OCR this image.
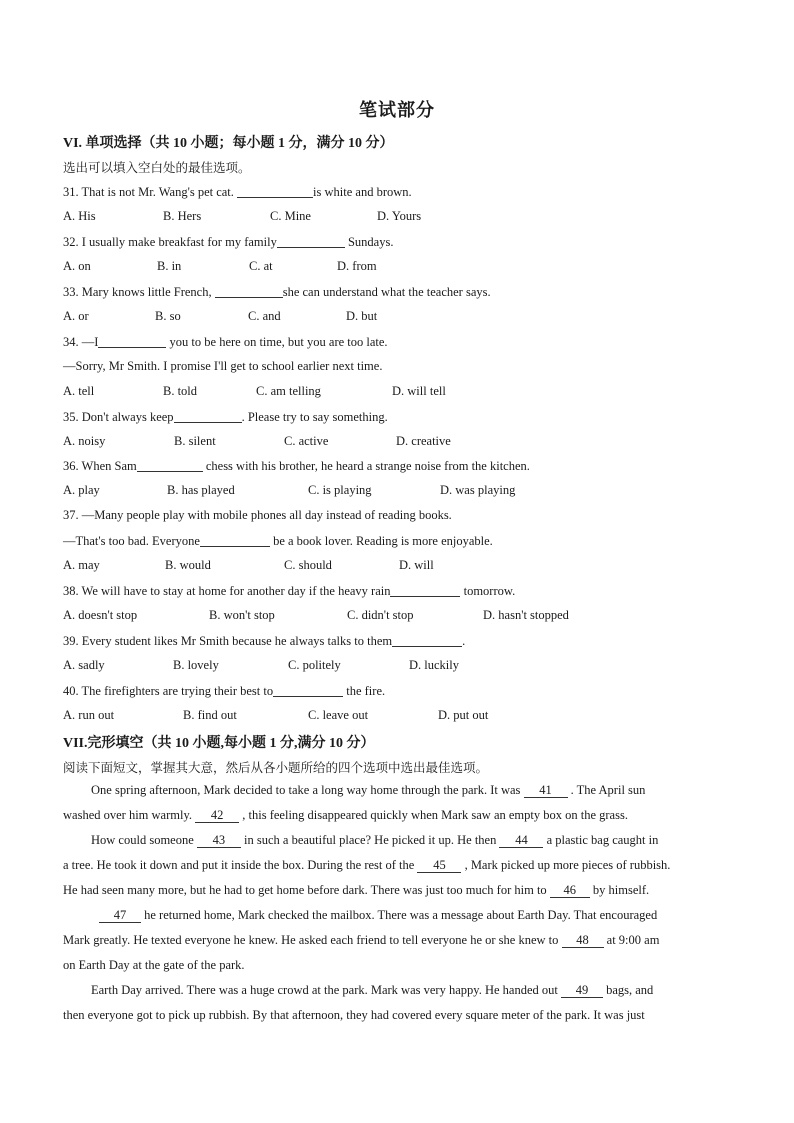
笔试部分
VI. 单项选择（共 10 小题；每小题 1 分，满分 10 分）
选出可以填入空白处的最佳选项。
31. That is not Mr. Wang's pet cat.	is white and brown.
A. His	B. Hers	C. Mine	D. Yours
32. I usually make breakfast for my family	Sundays.
A. on	B. in	C. at	D. from
33. Mary knows little French,	she can understand what the teacher says.
A. or	B. so	C. and	D. but
34. —I	you to be here on time, but you are too late.
—Sorry, Mr Smith. I promise I'll get to school earlier next time.
A. tell	B. told	C. am telling	D. will tell
35. Don't always keep	. Please try to say something.
A. noisy	B. silent	C. active	D. creative
36. When Sam	chess with his brother, he heard a strange noise from the kitchen.
A. play	B. has played	C. is playing	D. was playing
37. —Many people play with mobile phones all day instead of reading books.
—That's too bad. Everyone	be a book lover. Reading is more enjoyable.
A. may	B. would	C. should	D. will
38. We will have to stay at home for another day if the heavy rain	tomorrow.
A. doesn't stop	B. won't stop	C. didn't stop	D. hasn't stopped
39. Every student likes Mr Smith because he always talks to them	.
A. sadly	B. lovely	C. politely	D. luckily
40. The firefighters are trying their best to	the fire.
A. run out	B. find out	C. leave out	D. put out
VII.完形填空（共 10 小题,每小题 1 分,满分 10 分）
阅读下面短文，掌握其大意，然后从各小题所给的四个选项中选出最佳选项。
One spring afternoon, Mark decided to take a long way home through the park. It was 41 . The April sun
washed over him warmly. 42 , this feeling disappeared quickly when Mark saw an empty box on the grass.
How could someone 43 in such a beautiful place? He picked it up. He then 44 a plastic bag caught in
a tree. He took it down and put it inside the box. During the rest of the 45 , Mark picked up more pieces of rubbish.
He had seen many more, but he had to get home before dark. There was just too much for him to 46 by himself.
47 he returned home, Mark checked the mailbox. There was a message about Earth Day. That encouraged
Mark greatly. He texted everyone he knew. He asked each friend to tell everyone he or she knew to 48 at 9:00 am
on Earth Day at the gate of the park.
Earth Day arrived. There was a huge crowd at the park. Mark was very happy. He handed out 49 bags, and
then everyone got to pick up rubbish. By that afternoon, they had covered every square meter of the park. It was just
